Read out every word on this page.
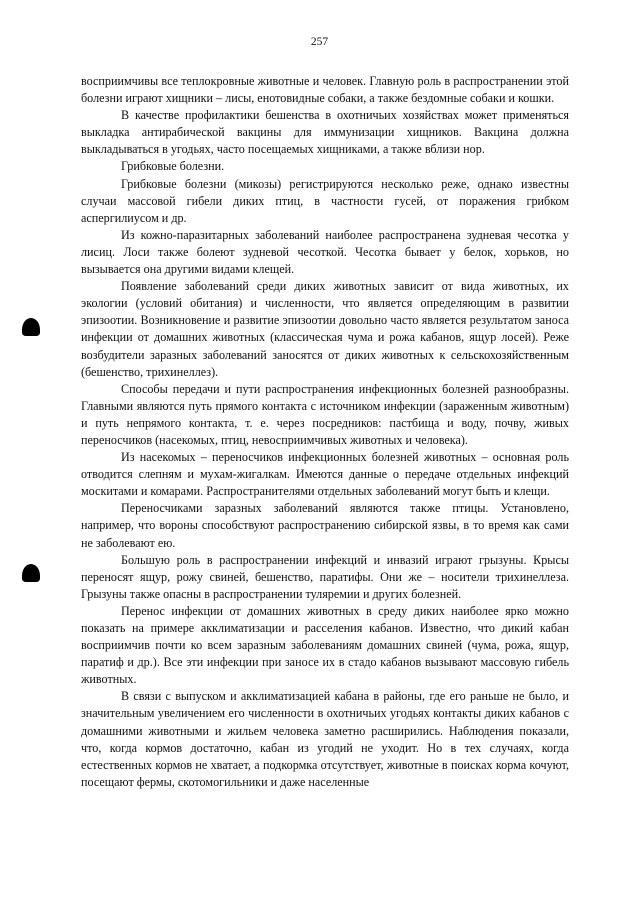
257

восприимчивы все теплокровные животные и человек. Главную роль в распространении этой болезни играют хищники – лисы, енотовидные собаки, а также бездомные собаки и кошки.

В качестве профилактики бешенства в охотничьих хозяйствах может применяться выкладка антирабической вакцины для иммунизации хищников. Вакцина должна выкладываться в угодьях, часто посещаемых хищниками, а также вблизи нор.

Грибковые болезни.

Грибковые болезни (микозы) регистрируются несколько реже, однако известны случаи массовой гибели диких птиц, в частности гусей, от поражения грибком аспергилиусом и др.

Из кожно-паразитарных заболеваний наиболее распространена зудневая чесотка у лисиц. Лоси также болеют зудневой чесоткой. Чесотка бывает у белок, хорьков, но вызывается она другими видами клещей.

Появление заболеваний среди диких животных зависит от вида животных, их экологии (условий обитания) и численности, что является определяющим в развитии эпизоотии. Возникновение и развитие эпизоотии довольно часто является результатом заноса инфекции от домашних животных (классическая чума и рожа кабанов, ящур лосей). Реже возбудители заразных заболеваний заносятся от диких животных к сельскохозяйственным (бешенство, трихинеллез).

Способы передачи и пути распространения инфекционных болезней разнообразны. Главными являются путь прямого контакта с источником инфекции (зараженным животным) и путь непрямого контакта, т. е. через посредников: пастбища и воду, почву, живых переносчиков (насекомых, птиц, невосприимчивых животных и человека).

Из насекомых – переносчиков инфекционных болезней животных – основная роль отводится слепням и мухам-жигалкам. Имеются данные о передаче отдельных инфекций москитами и комарами. Распространителями отдельных заболеваний могут быть и клещи.

Переносчиками заразных заболеваний являются также птицы. Установлено, например, что вороны способствуют распространению сибирской язвы, в то время как сами не заболевают ею.

Большую роль в распространении инфекций и инвазий играют грызуны. Крысы переносят ящур, рожу свиней, бешенство, паратифы. Они же – носители трихинеллеза. Грызуны также опасны в распространении туляремии и других болезней.

Перенос инфекции от домашних животных в среду диких наиболее ярко можно показать на примере акклиматизации и расселения кабанов. Известно, что дикий кабан восприимчив почти ко всем заразным заболеваниям домашних свиней (чума, рожа, ящур, паратиф и др.). Все эти инфекции при заносе их в стадо кабанов вызывают массовую гибель животных.

В связи с выпуском и акклиматизацией кабана в районы, где его раньше не было, и значительным увеличением его численности в охотничьих угодьях контакты диких кабанов с домашними животными и жильем человека заметно расширились. Наблюдения показали, что, когда кормов достаточно, кабан из угодий не уходит. Но в тех случаях, когда естественных кормов не хватает, а подкормка отсутствует, животные в поисках корма кочуют, посещают фермы, скотомогильники и даже населенные
